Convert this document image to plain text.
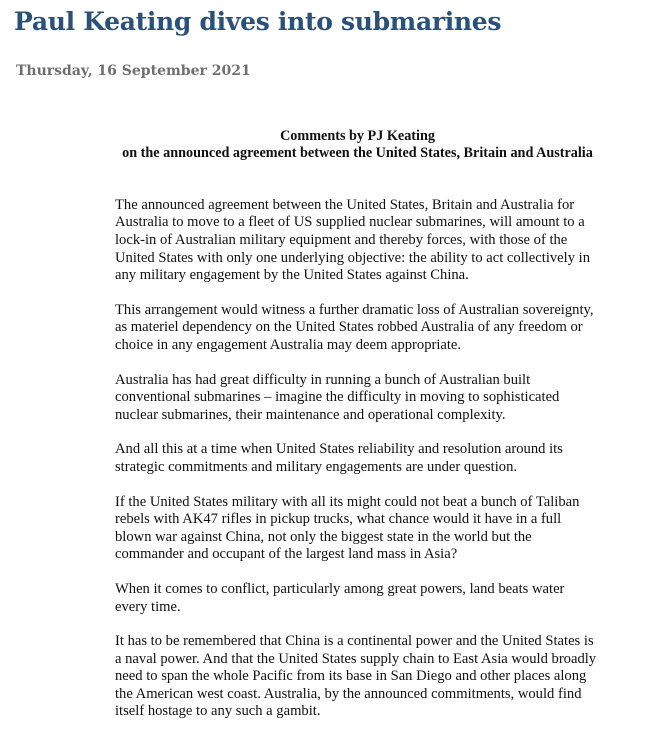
Paul Keating dives into submarines
Thursday, 16 September 2021
Comments by PJ Keating
on the announced agreement between the United States, Britain and Australia

The announced agreement between the United States, Britain and Australia for Australia to move to a fleet of US supplied nuclear submarines, will amount to a lock-in of Australian military equipment and thereby forces, with those of the United States with only one underlying objective: the ability to act collectively in any military engagement by the United States against China.

This arrangement would witness a further dramatic loss of Australian sovereignty, as materiel dependency on the United States robbed Australia of any freedom or choice in any engagement Australia may deem appropriate.

Australia has had great difficulty in running a bunch of Australian built conventional submarines – imagine the difficulty in moving to sophisticated nuclear submarines, their maintenance and operational complexity.

And all this at a time when United States reliability and resolution around its strategic commitments and military engagements are under question.

If the United States military with all its might could not beat a bunch of Taliban rebels with AK47 rifles in pickup trucks, what chance would it have in a full blown war against China, not only the biggest state in the world but the commander and occupant of the largest land mass in Asia?

When it comes to conflict, particularly among great powers, land beats water every time.

It has to be remembered that China is a continental power and the United States is a naval power. And that the United States supply chain to East Asia would broadly need to span the whole Pacific from its base in San Diego and other places along the American west coast. Australia, by the announced commitments, would find itself hostage to any such a gambit.
